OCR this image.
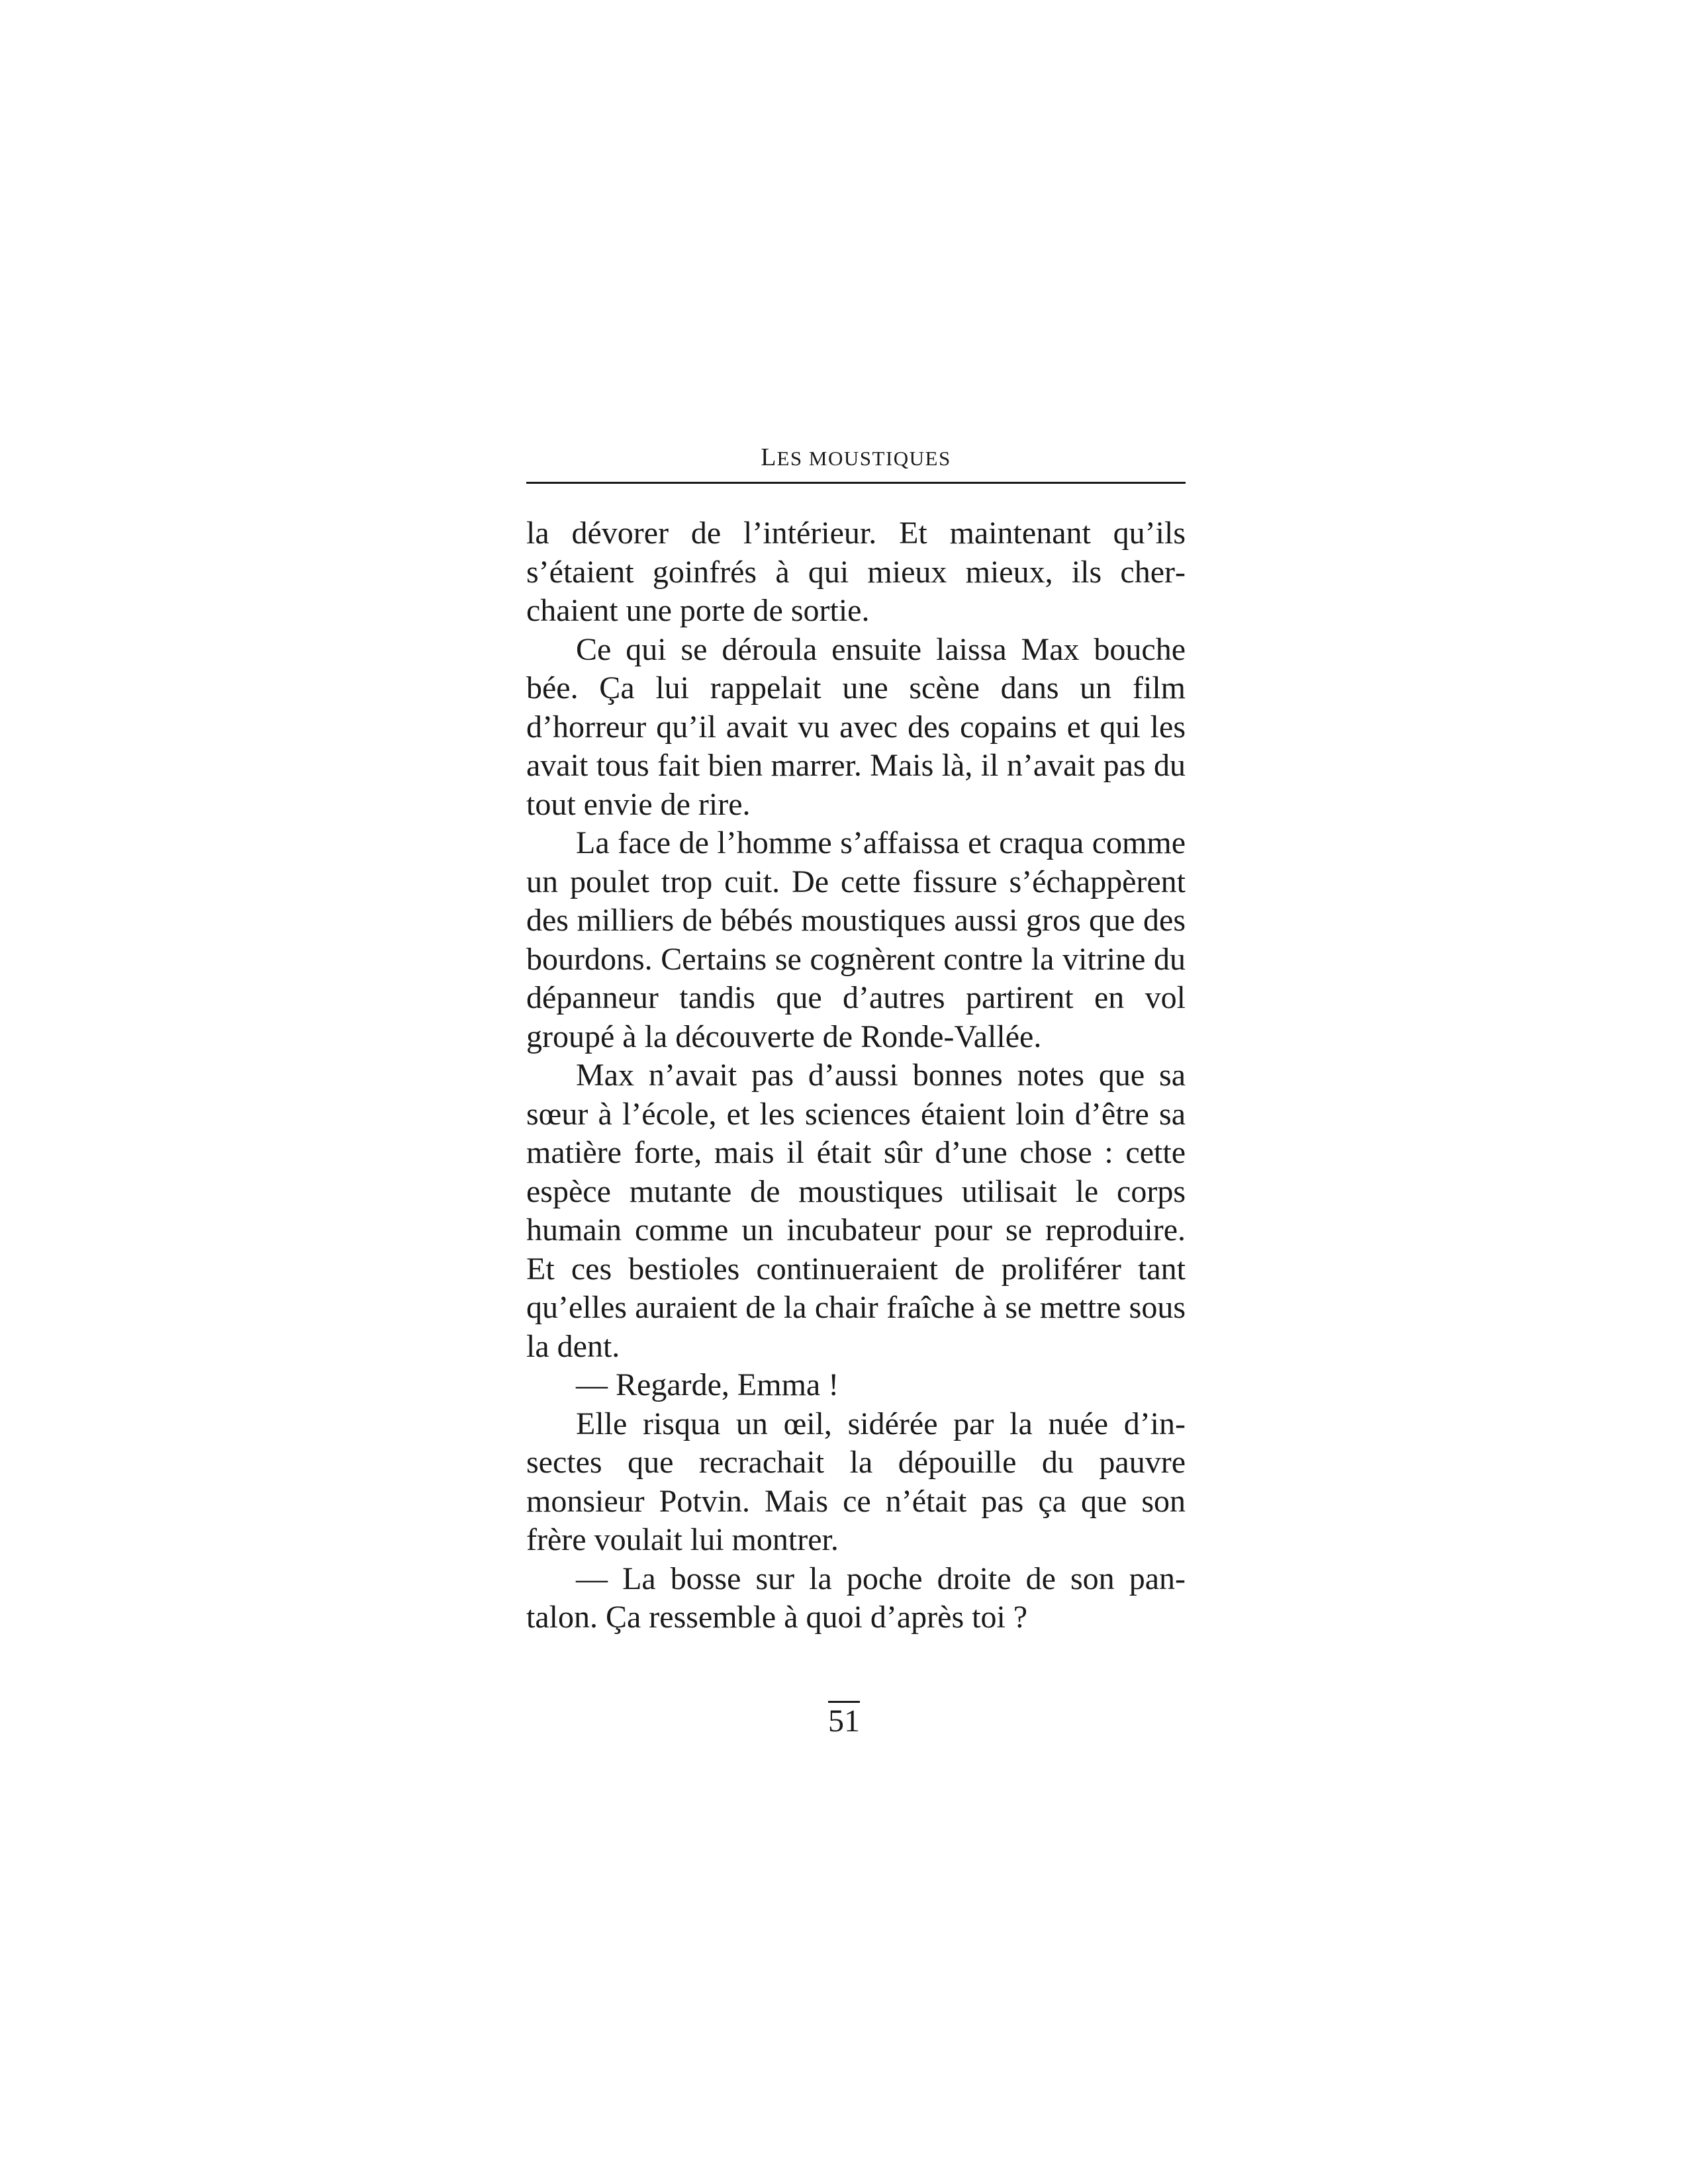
LES MOUSTIQUES

la dévorer de l’intérieur. Et maintenant qu’ils s’étaient goinfrés à qui mieux mieux, ils cherchaient une porte de sortie.

Ce qui se déroula ensuite laissa Max bouche bée. Ça lui rappelait une scène dans un film d’horreur qu’il avait vu avec des copains et qui les avait tous fait bien marrer. Mais là, il n’avait pas du tout envie de rire.

La face de l’homme s’affaissa et craqua comme un poulet trop cuit. De cette fissure s’échappèrent des milliers de bébés moustiques aussi gros que des bourdons. Certains se cognèrent contre la vitrine du dépanneur tandis que d’autres partirent en vol groupé à la découverte de Ronde-Vallée.

Max n’avait pas d’aussi bonnes notes que sa sœur à l’école, et les sciences étaient loin d’être sa matière forte, mais il était sûr d’une chose : cette espèce mutante de moustiques utilisait le corps humain comme un incubateur pour se reproduire. Et ces bestioles continueraient de proliférer tant qu’elles auraient de la chair fraîche à se mettre sous la dent.

— Regarde, Emma !

Elle risqua un œil, sidérée par la nuée d’insectes que recrachait la dépouille du pauvre monsieur Potvin. Mais ce n’était pas ça que son frère voulait lui montrer.

— La bosse sur la poche droite de son pantalon. Ça ressemble à quoi d’après toi ?

51
